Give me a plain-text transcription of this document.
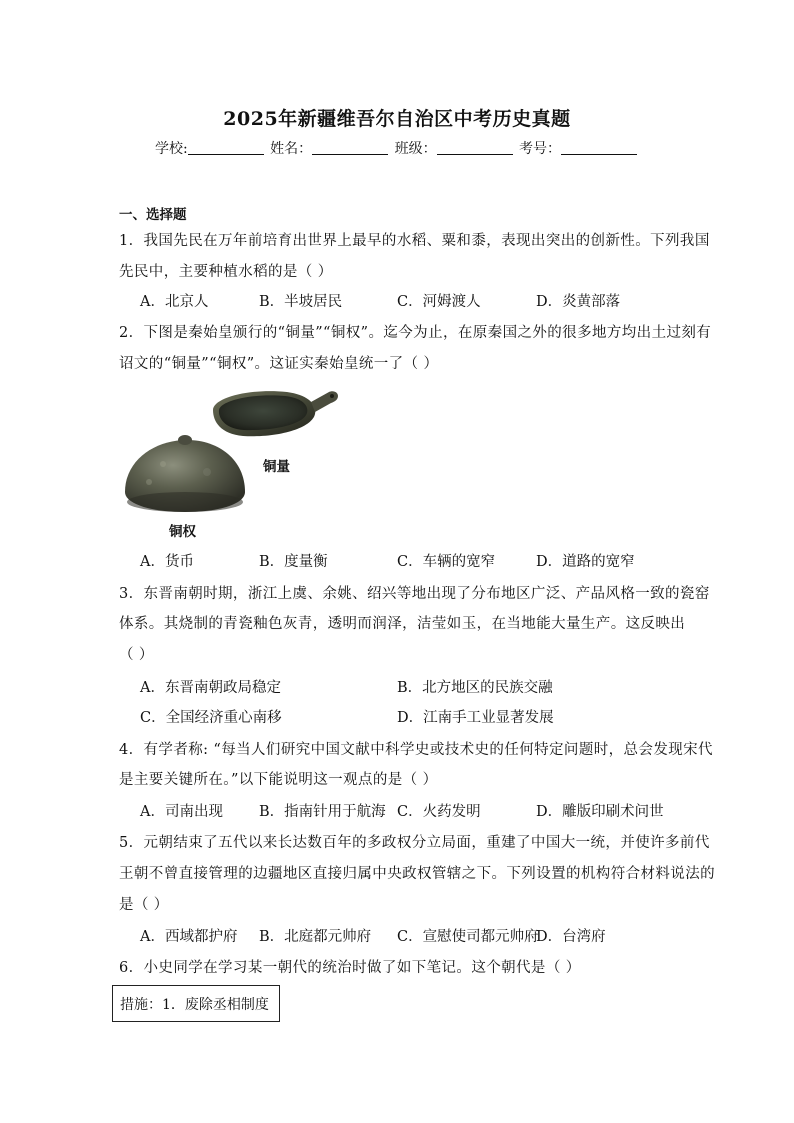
2025年新疆维吾尔自治区中考历史真题
学校:	姓名：	班级：	考号：
一、选择题
1．我国先民在万年前培育出世界上最早的水稻、粟和黍，表现出突出的创新性。下列我国
先民中，主要种植水稻的是（ ）
A．北京人	B．半坡居民	C．河姆渡人	D．炎黄部落
2．下图是秦始皇颁行的“铜量”“铜权”。迄今为止，在原秦国之外的很多地方均出土过刻有
诏文的“铜量”“铜权”。这证实秦始皇统一了（ ）
铜量
铜权
A．货币	B．度量衡	C．车辆的宽窄	D．道路的宽窄
3．东晋南朝时期，浙江上虞、余姚、绍兴等地出现了分布地区广泛、产品风格一致的瓷窑
体系。其烧制的青瓷釉色灰青，透明而润泽，洁莹如玉，在当地能大量生产。这反映出
（ ）
A．东晋南朝政局稳定	B．北方地区的民族交融
C．全国经济重心南移	D．江南手工业显著发展
4．有学者称: “每当人们研究中国文献中科学史或技术史的任何特定问题时，总会发现宋代
是主要关键所在。”以下能说明这一观点的是（ ）
A．司南出现 B．指南针用于航海 C．火药发明	D．雕版印刷术问世
5．元朝结束了五代以来长达数百年的多政权分立局面，重建了中国大一统，并使许多前代
王朝不曾直接管理的边疆地区直接归属中央政权管辖之下。下列设置的机构符合材料说法的
是（ ）
A．西域都护府 B．北庭都元帅府 C．宣慰使司都元帅府
D．台湾府
6．小史同学在学习某一朝代的统治时做了如下笔记。这个朝代是（ ）
措施：1．废除丞相制度
